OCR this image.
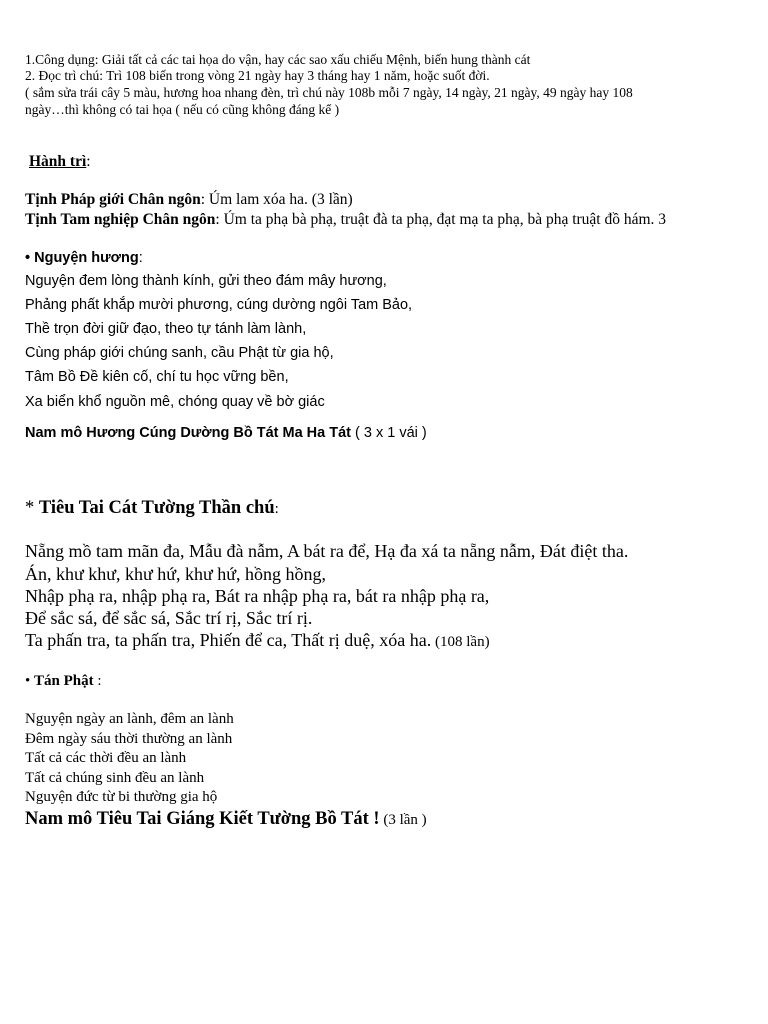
1.Công dụng: Giải tất cả các tai họa do vận, hay các sao xấu chiếu Mệnh, biến hung thành cát
2. Đọc trì chú: Trì 108 biến trong vòng 21 ngày hay 3 tháng hay 1 năm, hoặc suốt đời.
( sắm sửa trái cây 5 màu, hương hoa nhang đèn, trì chú này 108b mỗi 7 ngày, 14 ngày, 21 ngày, 49 ngày hay 108
ngày…thì không có tai họa ( nếu có cũng không đáng kể )
Hành trì:
Tịnh Pháp giới Chân ngôn: Úm lam xóa ha. (3 lần)
Tịnh Tam nghiệp Chân ngôn: Úm ta phạ bà phạ, truật đà ta phạ, đạt mạ ta phạ, bà phạ truật đồ hám. 3
• Nguyện hương:
Nguyện đem lòng thành kính, gửi theo đám mây hương,
Phảng phất khắp mười phương, cúng dường ngôi Tam Bảo,
Thề trọn đời giữ đạo, theo tự tánh làm lành,
Cùng pháp giới chúng sanh, cầu Phật từ gia hộ,
Tâm Bồ Đề kiên cố, chí tu học vững bền,
Xa biển khổ nguồn mê, chóng quay về bờ giác
Nam mô Hương Cúng Dường Bồ Tát Ma Ha Tát ( 3 x 1 vái )
* Tiêu Tai Cát Tường Thần chú:
Nẵng mồ tam mãn đa, Mẫu đà nẫm, A bát ra để, Hạ đa xá ta nẵng nẫm, Đát điệt tha.
Án, khư khư, khư hứ, khư hứ, hồng hồng,
Nhập phạ ra, nhập phạ ra, Bát ra nhập phạ ra, bát ra nhập phạ ra,
Để sắc sá, để sắc sá, Sắc trí rị, Sắc trí rị.
Ta phấn tra, ta phấn tra, Phiến để ca, Thất rị duệ, xóa ha. (108 lần)
• Tán Phật :
Nguyện ngày an lành, đêm an lành
Đêm ngày sáu thời thường an lành
Tất cả các thời đều an lành
Tất cả chúng sinh đều an lành
Nguyện đức từ bi thường gia hộ
Nam mô Tiêu Tai Giáng Kiết Tường Bồ Tát ! (3 lần )
